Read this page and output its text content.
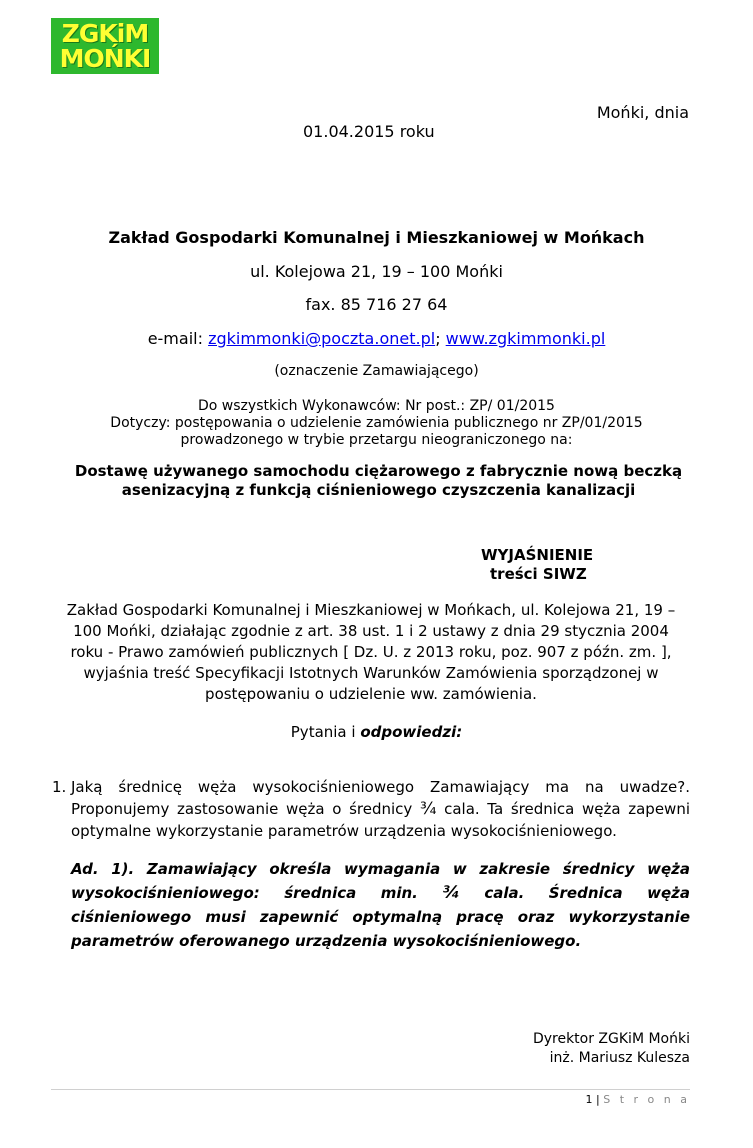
ZGKiM
MOŃKI
Mońki, dnia
01.04.2015 roku
Zakład Gospodarki Komunalnej i Mieszkaniowej w Mońkach
ul. Kolejowa 21, 19 – 100 Mońki
fax. 85 716 27 64
e-mail: zgkimmonki@poczta.onet.pl; www.zgkimmonki.pl
(oznaczenie Zamawiającego)
Do wszystkich Wykonawców: Nr post.: ZP/ 01/2015
Dotyczy: postępowania o udzielenie zamówienia publicznego nr ZP/01/2015
prowadzonego w trybie przetargu nieograniczonego na:
Dostawę używanego samochodu ciężarowego z fabrycznie nową beczką
asenizacyjną z funkcją ciśnieniowego czyszczenia kanalizacji
WYJAŚNIENIE
treści SIWZ
Zakład Gospodarki Komunalnej i Mieszkaniowej w Mońkach, ul. Kolejowa 21, 19 –
100 Mońki, działając zgodnie z art. 38 ust. 1 i 2 ustawy z dnia 29 stycznia 2004
roku - Prawo zamówień publicznych [ Dz. U. z 2013 roku, poz. 907 z późn. zm. ],
wyjaśnia treść Specyfikacji Istotnych Warunków Zamówienia sporządzonej w
postępowaniu o udzielenie ww. zamówienia.
Pytania i odpowiedzi:
1. Jaką średnicę węża wysokociśnieniowego Zamawiający ma na uwadze?.
Proponujemy zastosowanie węża o średnicy ¾ cala. Ta średnica węża zapewni
optymalne wykorzystanie parametrów urządzenia wysokociśnieniowego.
Ad. 1). Zamawiający określa wymagania w zakresie średnicy węża
wysokociśnieniowego: średnica min. ¾ cala. Średnica węża
ciśnieniowego musi zapewnić optymalną pracę oraz wykorzystanie
parametrów oferowanego urządzenia wysokociśnieniowego.
Dyrektor ZGKiM Mońki
inż. Mariusz Kulesza
1 | S t r o n a
